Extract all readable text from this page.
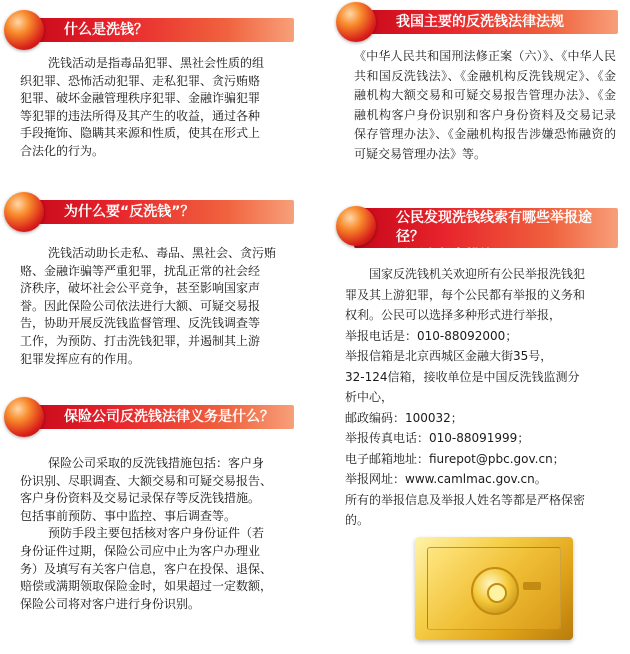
什么是洗钱？

洗钱活动是指毒品犯罪、黑社会性质的组
织犯罪、恐怖活动犯罪、走私犯罪、贪污贿赂
犯罪、破坏金融管理秩序犯罪、金融诈骗犯罪
等犯罪的违法所得及其产生的收益，通过各种
手段掩饰、隐瞒其来源和性质，使其在形式上
合法化的行为。

为什么要“反洗钱”？

洗钱活动助长走私、毒品、黑社会、贪污贿
赂、金融诈骗等严重犯罪，扰乱正常的社会经
济秩序，破坏社会公平竞争，甚至影响国家声
誉。因此保险公司依法进行大额、可疑交易报
告，协助开展反洗钱监督管理、反洗钱调查等
工作，为预防、打击洗钱犯罪，并遏制其上游
犯罪发挥应有的作用。

保险公司反洗钱法律义务是什么？

保险公司采取的反洗钱措施包括：客户身
份识别、尽职调查、大额交易和可疑交易报告、
客户身份资料及交易记录保存等反洗钱措施。
包括事前预防、事中监控、事后调查等。
预防手段主要包括核对客户身份证件（若
身份证件过期，保险公司应中止为客户办理业
务）及填写有关客户信息，客户在投保、退保、
赔偿或满期领取保险金时，如果超过一定数额，
保险公司将对客户进行身份识别。

我国主要的反洗钱法律法规

《中华人民共和国刑法修正案（六）》、《中华人民共和国反洗钱法》、《金融机构反洗钱规定》、《金融机构大额交易和可疑交易报告管理办法》、《金融机构客户身份识别和客户身份资料及交易记录保存管理办法》、《金融机构报告涉嫌恐怖融资的可疑交易管理办法》等。

公民发现洗钱线索有哪些举报途径？
是否有保密措施？

国家反洗钱机关欢迎所有公民举报洗钱犯
罪及其上游犯罪，每个公民都有举报的义务和
权利。公民可以选择多种形式进行举报，
举报电话是：010-88092000；
举报信箱是北京西城区金融大街35号，
32-124信箱，接收单位是中国反洗钱监测分
析中心，
邮政编码：100032；
举报传真电话：010-88091999；
电子邮箱地址：fiurepot@pbc.gov.cn；
举报网址：www.camlmac.gov.cn。
所有的举报信息及举报人姓名等都是严格保密
的。
